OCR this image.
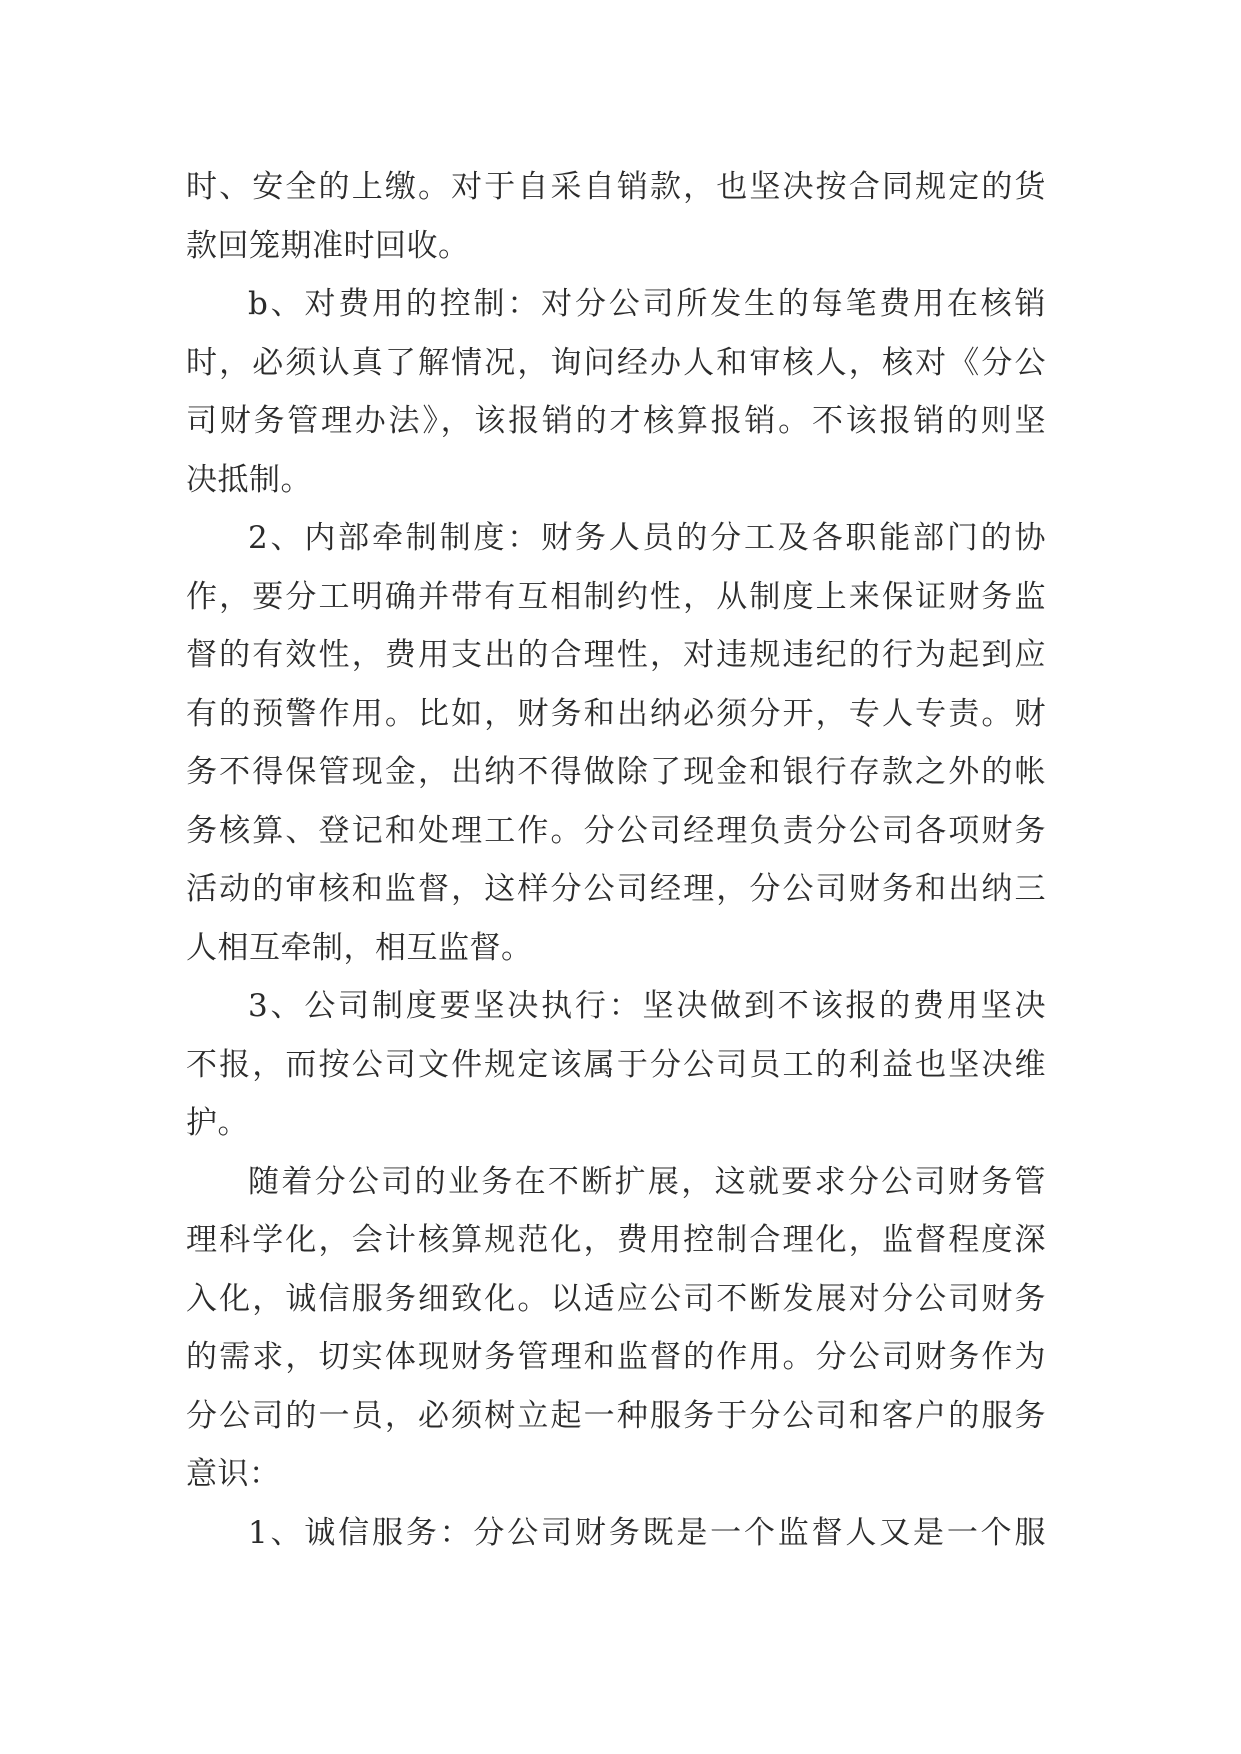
时、安全的上缴。对于自采自销款，也坚决按合同规定的货
款回笼期准时回收。
b、对费用的控制：对分公司所发生的每笔费用在核销
时，必须认真了解情况，询问经办人和审核人，核对《分公
司财务管理办法》，该报销的才核算报销。不该报销的则坚
决抵制。
2、内部牵制制度：财务人员的分工及各职能部门的协
作，要分工明确并带有互相制约性，从制度上来保证财务监
督的有效性，费用支出的合理性，对违规违纪的行为起到应
有的预警作用。比如，财务和出纳必须分开，专人专责。财
务不得保管现金，出纳不得做除了现金和银行存款之外的帐
务核算、登记和处理工作。分公司经理负责分公司各项财务
活动的审核和监督，这样分公司经理，分公司财务和出纳三
人相互牵制，相互监督。
3、公司制度要坚决执行：坚决做到不该报的费用坚决
不报，而按公司文件规定该属于分公司员工的利益也坚决维
护。
随着分公司的业务在不断扩展，这就要求分公司财务管
理科学化，会计核算规范化，费用控制合理化，监督程度深
入化，诚信服务细致化。以适应公司不断发展对分公司财务
的需求，切实体现财务管理和监督的作用。分公司财务作为
分公司的一员，必须树立起一种服务于分公司和客户的服务
意识：
1、诚信服务：分公司财务既是一个监督人又是一个服
